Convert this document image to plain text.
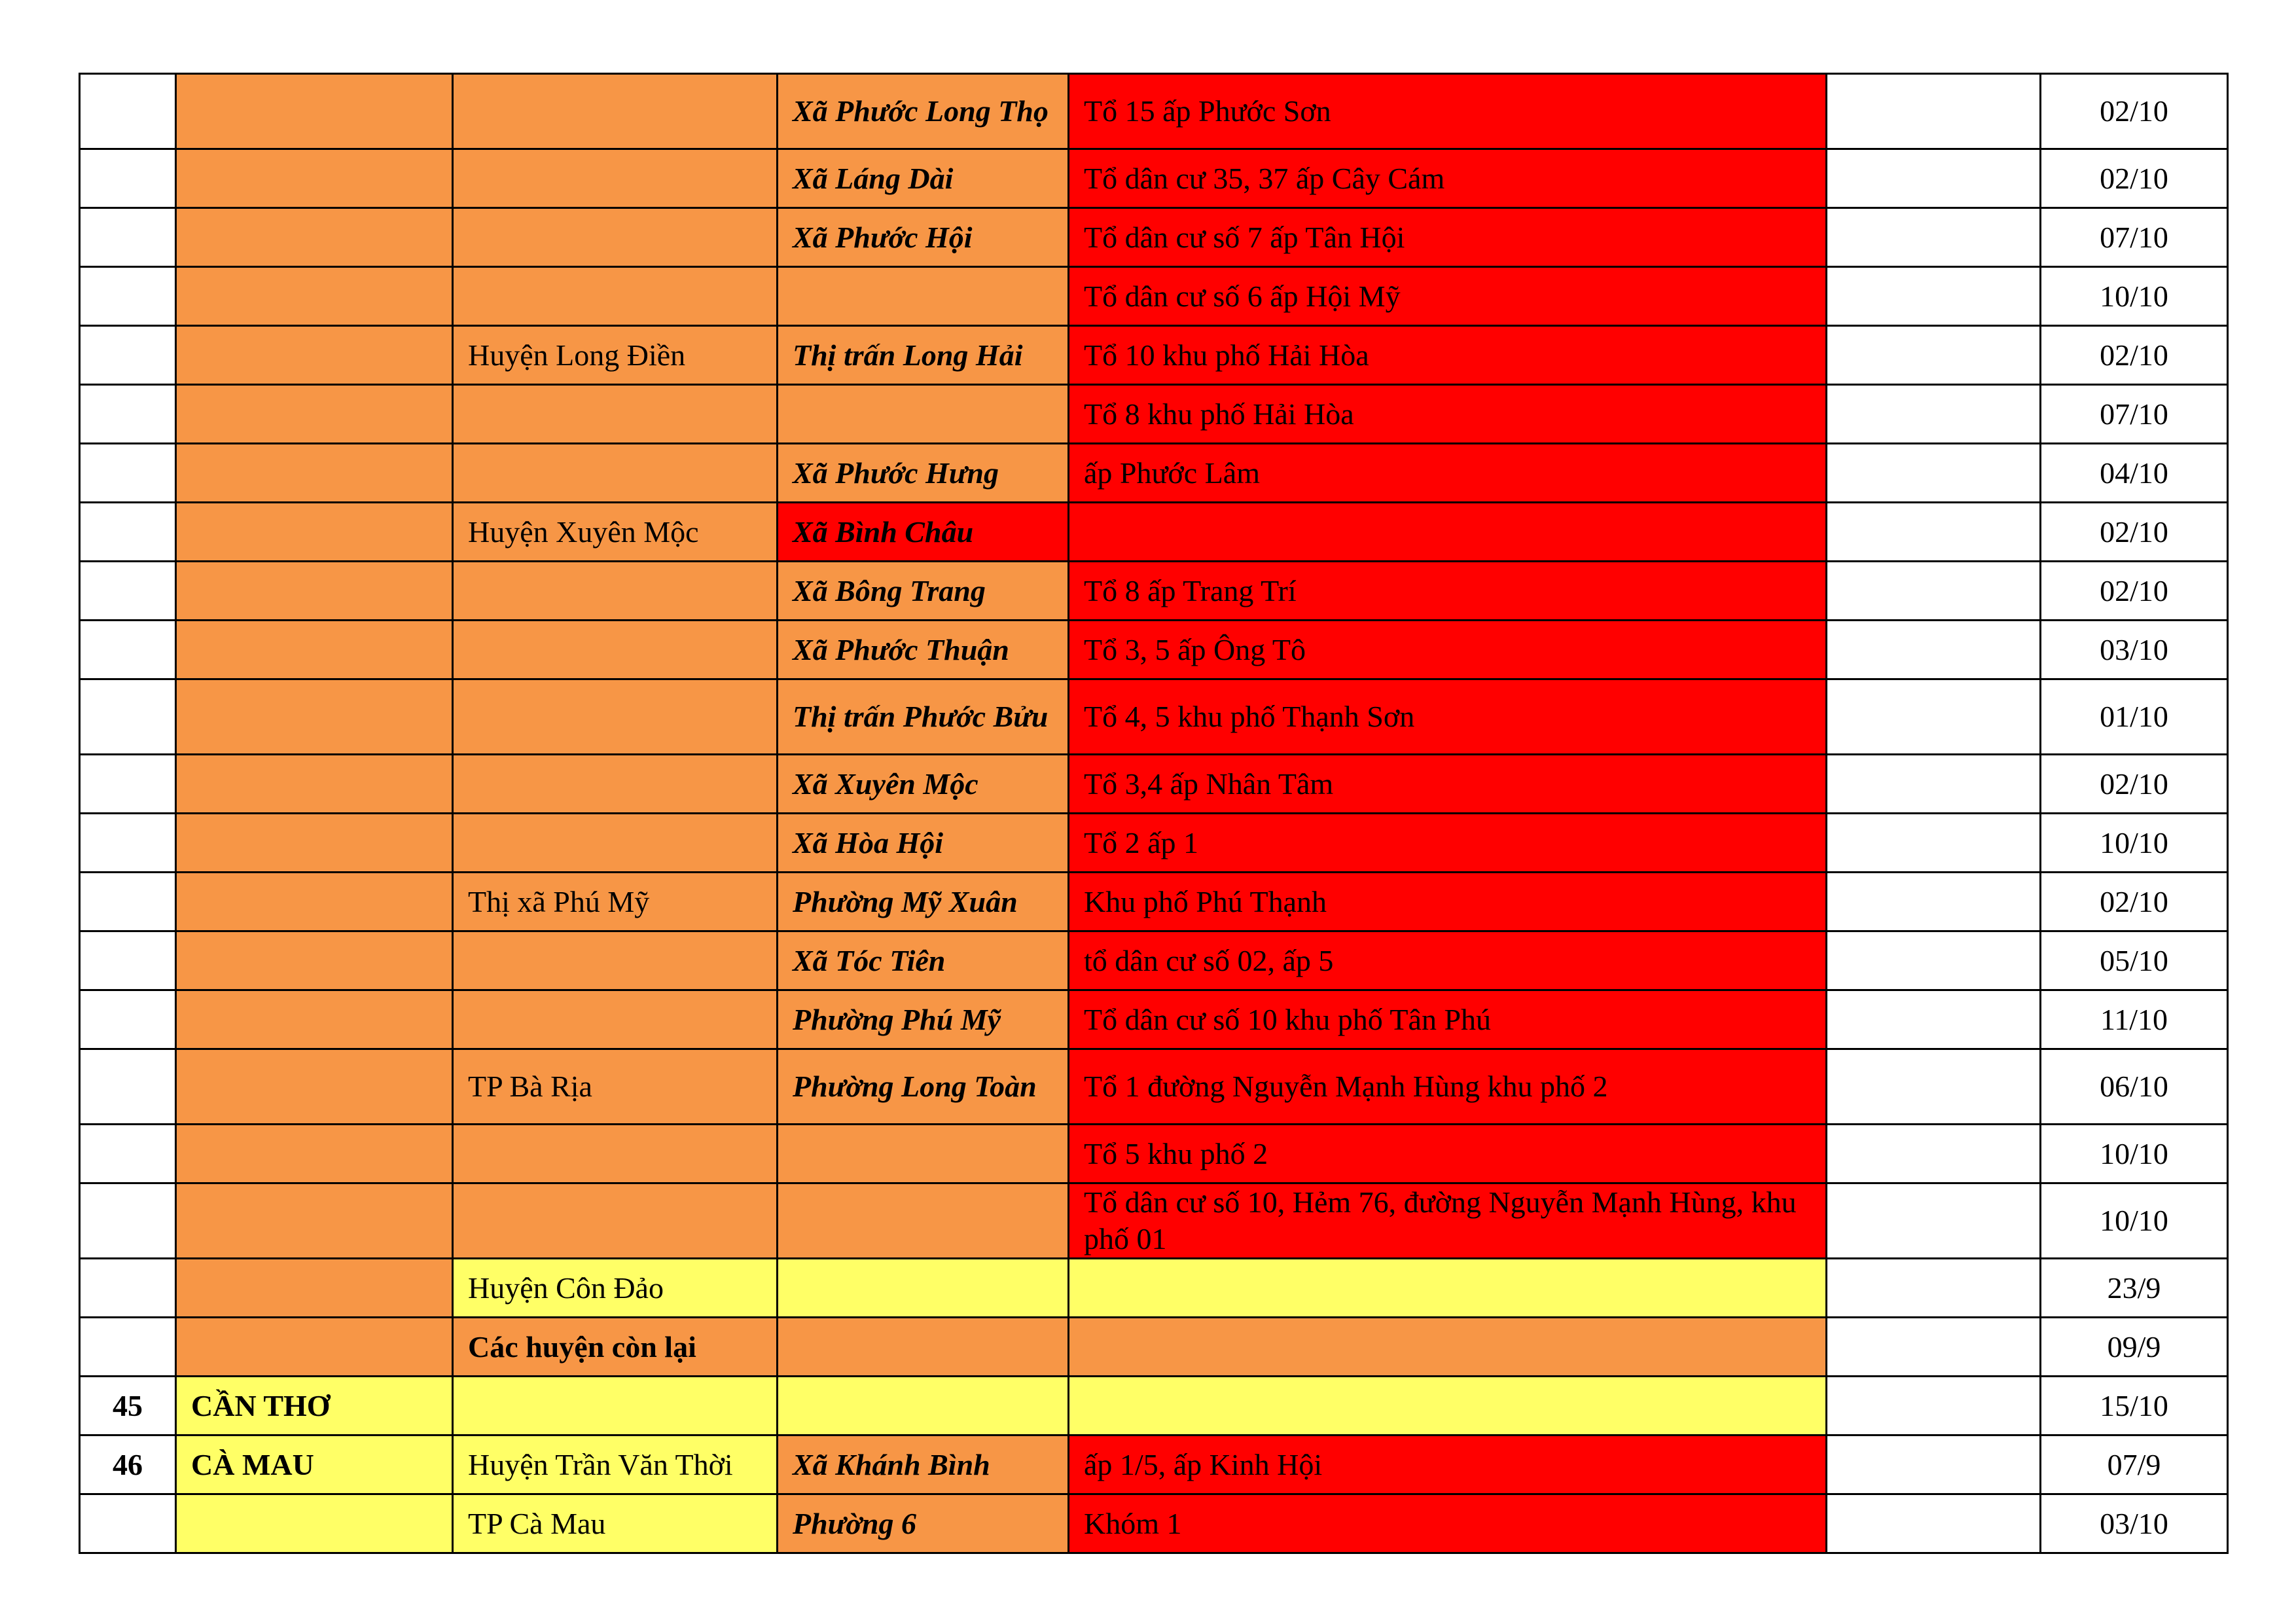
			Xã Phước Long Thọ	Tổ 15 ấp Phước Sơn		02/10
			Xã Láng Dài	Tổ dân cư 35, 37 ấp Cây Cám		02/10
			Xã Phước Hội	Tổ dân cư số 7 ấp Tân Hội		07/10
				Tổ dân cư số 6 ấp Hội Mỹ		10/10
		Huyện Long Điền	Thị trấn Long Hải	Tổ 10 khu phố Hải Hòa		02/10
				Tổ 8 khu phố Hải Hòa		07/10
			Xã Phước Hưng	ấp Phước Lâm		04/10
		Huyện Xuyên Mộc	Xã Bình Châu			02/10
			Xã Bông Trang	Tổ 8 ấp Trang Trí		02/10
			Xã Phước Thuận	Tổ 3, 5 ấp Ông Tô		03/10
			Thị trấn Phước Bửu	Tổ 4, 5 khu phố Thạnh Sơn		01/10
			Xã Xuyên Mộc	Tổ 3,4 ấp Nhân Tâm		02/10
			Xã Hòa Hội	Tổ 2 ấp 1		10/10
		Thị xã Phú Mỹ	Phường Mỹ Xuân	Khu phố Phú Thạnh		02/10
			Xã Tóc Tiên	tổ dân cư số 02, ấp 5		05/10
			Phường Phú Mỹ	Tổ dân cư số 10 khu phố Tân Phú		11/10
		TP Bà Rịa	Phường Long Toàn	Tổ 1 đường Nguyễn Mạnh Hùng khu phố 2		06/10
				Tổ 5 khu phố 2		10/10
				Tổ dân cư số 10, Hẻm 76, đường Nguyễn Mạnh Hùng, khu phố 01		10/10
		Huyện Côn Đảo				23/9
		Các huyện còn lại				09/9
45	CẦN THƠ					15/10
46	CÀ MAU	Huyện Trần Văn Thời	Xã Khánh Bình	ấp 1/5, ấp Kinh Hội		07/9
		TP Cà Mau	Phường 6	Khóm 1		03/10
